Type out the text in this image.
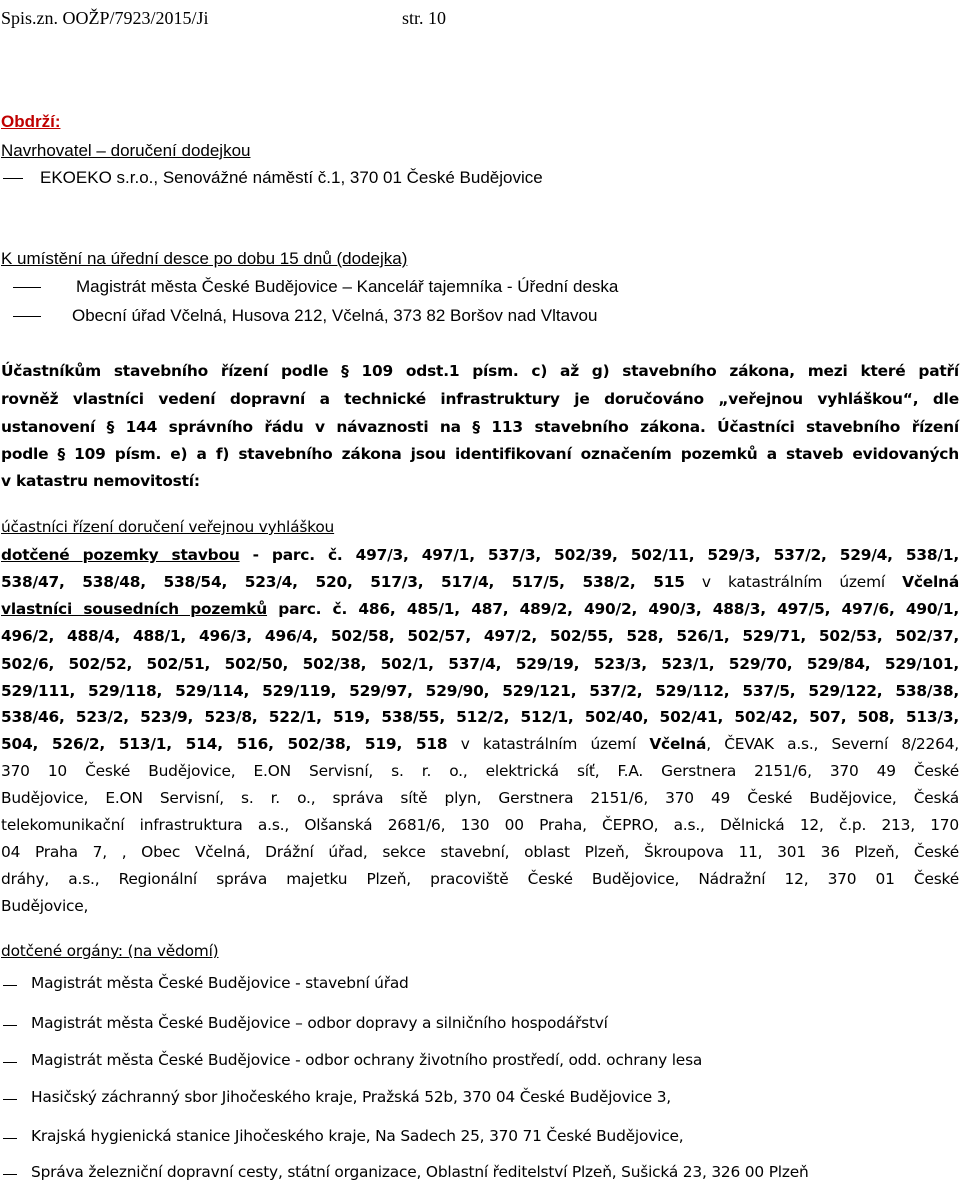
Spis.zn. OOŽP/7923/2015/Ji	str. 10
Obdrží:
Navrhovatel – doručení dodejkou
EKOEKO s.r.o., Senovážné náměstí č.1, 370 01 České Budějovice
K umístění na úřední desce po dobu 15 dnů (dodejka)
Magistrát města České Budějovice – Kancelář tajemníka - Úřední deska
Obecní úřad Včelná, Husova 212, Včelná, 373 82 Boršov nad Vltavou
Účastníkům stavebního řízení podle § 109 odst.1 písm. c) až g) stavebního zákona, mezi které patří
rovněž vlastníci vedení dopravní a technické infrastruktury je doručováno „veřejnou vyhláškou“, dle
ustanovení § 144 správního řádu v návaznosti na § 113 stavebního zákona. Účastníci stavebního řízení
podle § 109 písm. e) a f) stavebního zákona jsou identifikovaní označením pozemků a staveb evidovaných
v katastru nemovitostí:
účastníci řízení doručení veřejnou vyhláškou
dotčené pozemky stavbou - parc. č. 497/3, 497/1, 537/3, 502/39, 502/11, 529/3, 537/2, 529/4, 538/1,
538/47, 538/48, 538/54, 523/4, 520, 517/3, 517/4, 517/5, 538/2, 515 v katastrálním území Včelná
vlastníci sousedních pozemků parc. č. 486, 485/1, 487, 489/2, 490/2, 490/3, 488/3, 497/5, 497/6, 490/1,
496/2, 488/4, 488/1, 496/3, 496/4, 502/58, 502/57, 497/2, 502/55, 528, 526/1, 529/71, 502/53, 502/37,
502/6, 502/52, 502/51, 502/50, 502/38, 502/1, 537/4, 529/19, 523/3, 523/1, 529/70, 529/84, 529/101,
529/111, 529/118, 529/114, 529/119, 529/97, 529/90, 529/121, 537/2, 529/112, 537/5, 529/122, 538/38,
538/46, 523/2, 523/9, 523/8, 522/1, 519, 538/55, 512/2, 512/1, 502/40, 502/41, 502/42, 507, 508, 513/3,
504, 526/2, 513/1, 514, 516, 502/38, 519, 518 v katastrálním území Včelná, ČEVAK a.s., Severní 8/2264,
370 10 České Budějovice, E.ON Servisní, s. r. o., elektrická síť, F.A. Gerstnera 2151/6, 370 49 České
Budějovice, E.ON Servisní, s. r. o., správa sítě plyn, Gerstnera 2151/6, 370 49 České Budějovice, Česká
telekomunikační infrastruktura a.s., Olšanská 2681/6, 130 00 Praha, ČEPRO, a.s., Dělnická 12, č.p. 213, 170
04 Praha 7, , Obec Včelná, Drážní úřad, sekce stavební, oblast Plzeň, Škroupova 11, 301 36 Plzeň, České
dráhy, a.s., Regionální správa majetku Plzeň, pracoviště České Budějovice, Nádražní 12, 370 01 České
Budějovice,
dotčené orgány: (na vědomí)
Magistrát města České Budějovice - stavební úřad
Magistrát města České Budějovice – odbor dopravy a silničního hospodářství
Magistrát města České Budějovice - odbor ochrany životního prostředí, odd. ochrany lesa
Hasičský záchranný sbor Jihočeského kraje, Pražská 52b, 370 04 České Budějovice 3,
Krajská hygienická stanice Jihočeského kraje, Na Sadech 25, 370 71 České Budějovice,
Správa železniční dopravní cesty, státní organizace, Oblastní ředitelství Plzeň, Sušická 23, 326 00 Plzeň
